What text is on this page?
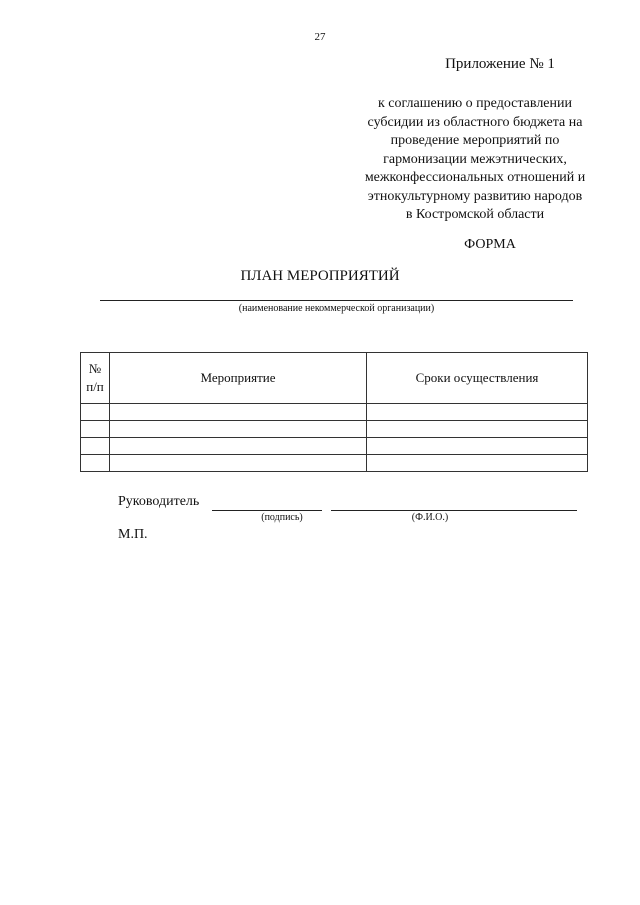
27
Приложение № 1
к соглашению о предоставлении
субсидии из областного бюджета на
проведение мероприятий по
гармонизации межэтнических,
межконфессиональных отношений и
этнокультурному развитию народов
в Костромской области
ФОРМА
ПЛАН МЕРОПРИЯТИЙ
(наименование некоммерческой организации)
№ п/п	Мероприятие	Сроки осуществления

Руководитель
(подпись)	(Ф.И.О.)
М.П.
